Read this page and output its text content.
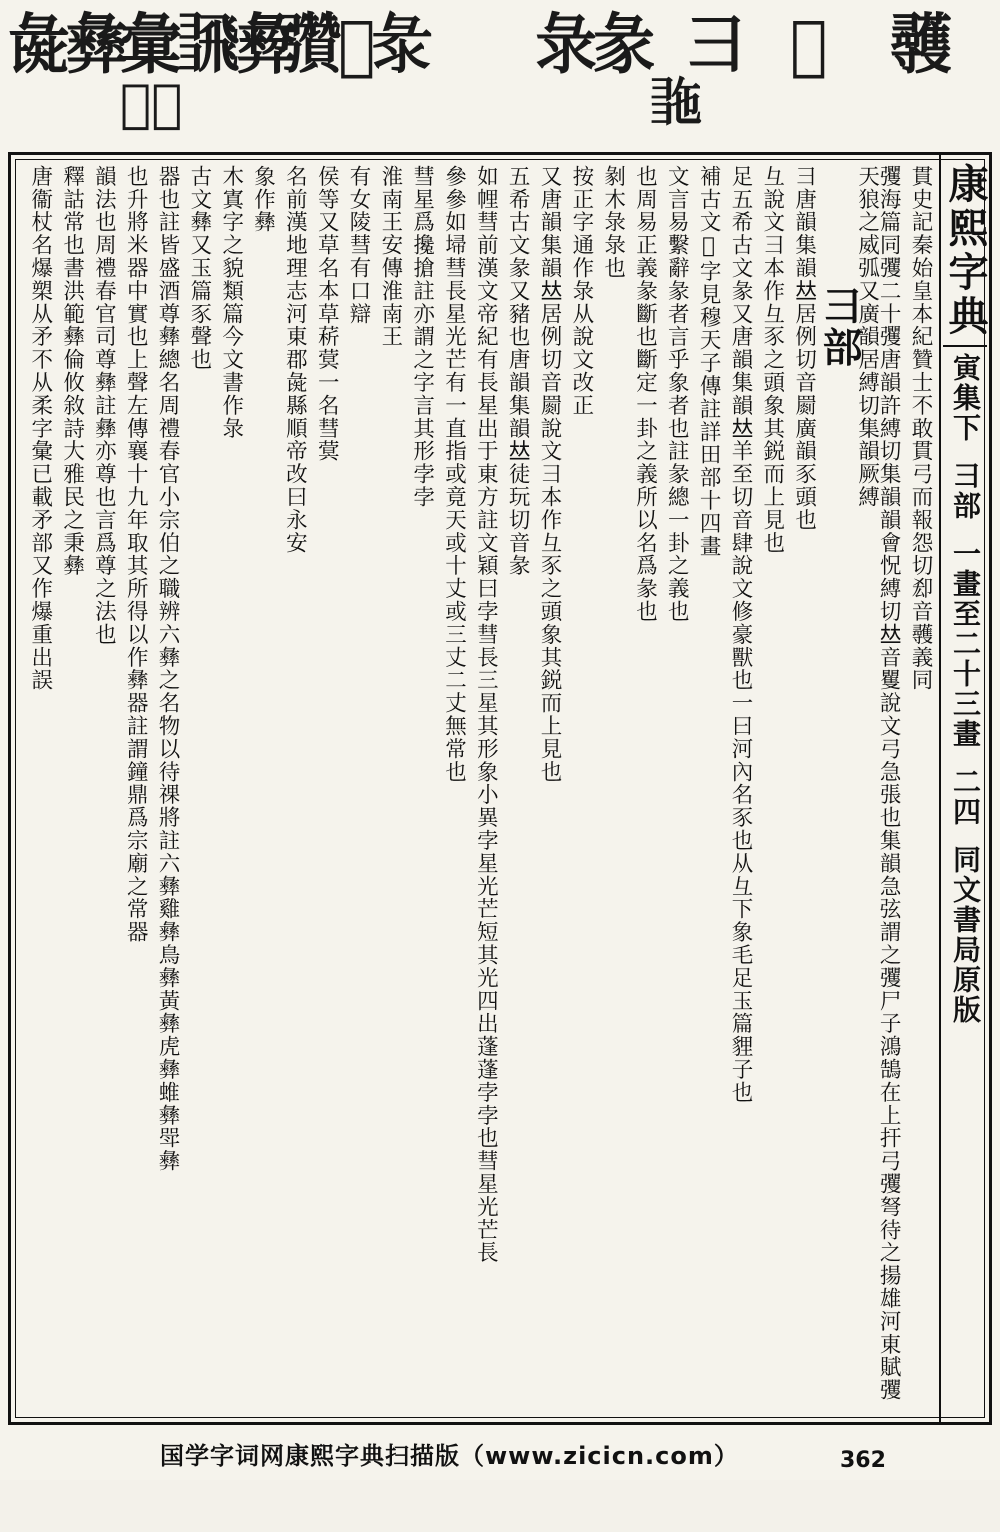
彘彝
彙𢑮彜
𢑊𢑚𢑗 彔彖 彐 𢑏 彠
𢑚𢑧	𢑠
康熙字典
寅集下
彐部
一畫至二十三畫
二四
同文書局原版
貫史記秦始皇本紀贊士不敢貫弓而報怨切㕁音彠義同
彏海篇同彏二十彏唐韻許縛切集韻韻會怳縛切𠀤音矍說文弓急張也集韻急弦謂之彏尸子鴻鵠在上扞弓彏弩待之揚雄河東賦彏天狼之威弧又廣韻居縛切集韻厥縛
彐部
彐唐韻集韻𠀤居例切音罽廣韻豕頭也
彑說文彐本作彑豕之頭象其鋭而上見也
足五希古文彖又唐韻集韻𠀤羊至切音肆說文修豪獸也一曰河內名豕也从彑下象毛足玉篇貍子也
補古文𢑏字見穆天子傳註詳田部十四畫
文言易繫辭彖者言乎象者也註彖總一卦之義也
也周易正義彖斷也斷定一卦之義所以名爲彖也
剶木彔彔也
按正字通作彔从說文改正
又唐韻集韻𠀤居例切音罽說文彐本作彑豕之頭象其鋭而上見也
五希古文彖又豬也唐韻集韻𠀤徒玩切音彖
如𢃇彗前漢文帝紀有長星出于東方註文穎曰孛彗長三星其形象小異孛星光芒短其光四出蓬蓬孛孛也彗星光芒長
參參如埽彗長星光芒有一直指或竟天或十丈或三丈二丈無常也
彗星爲攙搶註亦謂之字言其形孛孛
淮南王安傳淮南王
有女陵彗有口辯
侯等又草名本草菥蓂一名彗蓂
名前漢地理志河東郡彘縣順帝改曰永安
象作彝
木寘字之貌類篇今文書作彔
古文彝又玉篇豕聲也
器也註皆盛酒尊彝總名周禮春官小宗伯之職辨六彝之名物以待祼將註六彝雞彝鳥彝黃彝虎彝蜼彝斝彝
也升將米器中實也上聲左傳襄十九年取其所得以作彝器註謂鐘鼎爲宗廟之常器
韻法也周禮春官司尊彝註彝亦尊也言爲尊之法也
釋詁常也書洪範彝倫攸敘詩大雅民之秉彝
唐衞杖名爆槊从矛不从柔字彙已載矛部又作爆重出誤
国学字词网康熙字典扫描版（www.zicicn.com）	362
